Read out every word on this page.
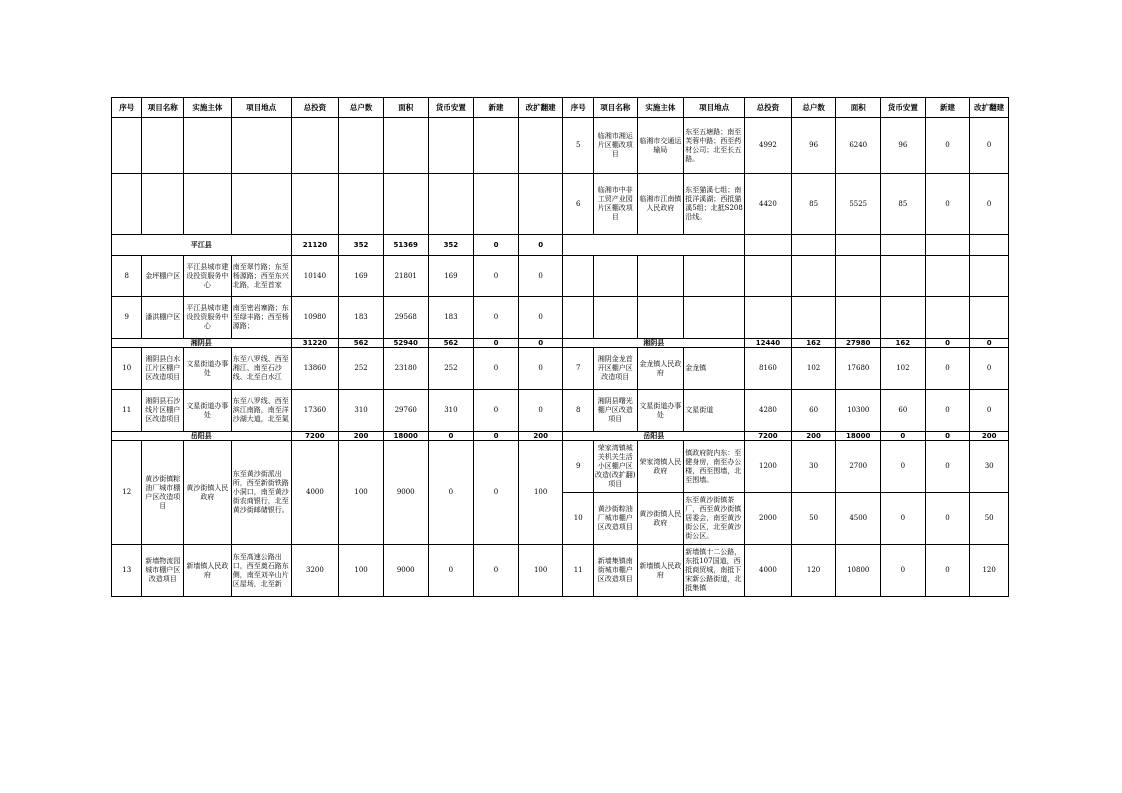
序号	项目名称	实施主体	项目地点	总投资	总户数	面积	货币安置	新建	改扩翻建	序号	项目名称	实施主体	项目地点	总投资	总户数	面积	货币安置	新建	改扩翻建
										5	临湘市湘运片区棚改项目	临湘市交通运输局	东至五塘路；南至芙蓉中路；西至药材公司；北至长五路。	4992	96	6240	96	0	0
										6	临湘市中非工贸产业园片区棚改项目	临湘市江南镇人民政府	东至猫溪七组；南抵洋溪湖；西抵猫溪5组；北抵S208沿线。	4420	85	5525	85	0	0
平江县				21120	352	51369	352	0	0										
8	金坪棚户区	平江县城市建设投资服务中心	南至翠竹路；东至杨源路；西至东兴北路，北至首家	10140	169	21801	169	0	0										
9	潘洪棚户区	平江县城市建设投资服务中心	南至密岩寨路；东至绿丰路；西至杨源路；	10980	183	29568	183	0	0										
湘阴县				31220	562	52940	562	0	0	湘阴县				12440	162	27980	162	0	0
10	湘阴县白水江片区棚户区改造项目	文星街道办事处	东至八罗线、西至湘江、南至石沙线、北至白水江	13860	252	23180	252	0	0	7	湘阴金龙首开区棚户区改造项目	金龙镇人民政府	金龙镇	8160	102	17680	102	0	0
11	湘阴县石沙线片区棚户区改造项目	文星街道办事处	东至八罗线、西至滨江南路，南至洋沙湖大道，北至氮	17360	310	29760	310	0	0	8	湘阴县曙光棚户区改造项目	文星街道办事处	文星街道	4280	60	10300	60	0	0
岳阳县				7200	200	18000	0	0	200	岳阳县				7200	200	18000	0	0	200
12	黄沙街镇粽油厂城市棚户区改造项目	黄沙街镇人民政府	东至黄沙街派出所，西至新街铁路小洞口，南至黄沙街农商银行，北至黄沙街邮储银行。	4000	100	9000	0	0	100	9	荣家湾镇城关机关生活小区棚户区改造(改扩翻)项目	荣家湾镇人民政府	镇政府院内东：至健身房，南至办公楼，西至围墙，北至围墙。	1200	30	2700	0	0	30
										10	黄沙街粽油厂城市棚户区改造项目	黄沙街镇人民政府	东至黄沙街镇茶厂，西至黄沙街镇居委会，南至黄沙街公区，北至黄沙街公区。	2000	50	4500	0	0	50
13	新墙物流园城市棚户区改造项目	新墙镇人民政府	东至高速公路出口，西至奠石路东侧，南至刘辛山片区屋场，北至新	3200	100	9000	0	0	100	11	新墙集镇南街城市棚户区改造项目	新墙镇人民政府	新墙镇十二公路，东抵107国道，西抵商贸城，南抵下宋新公路街道，北抵集镇	4000	120	10800	0	0	120
